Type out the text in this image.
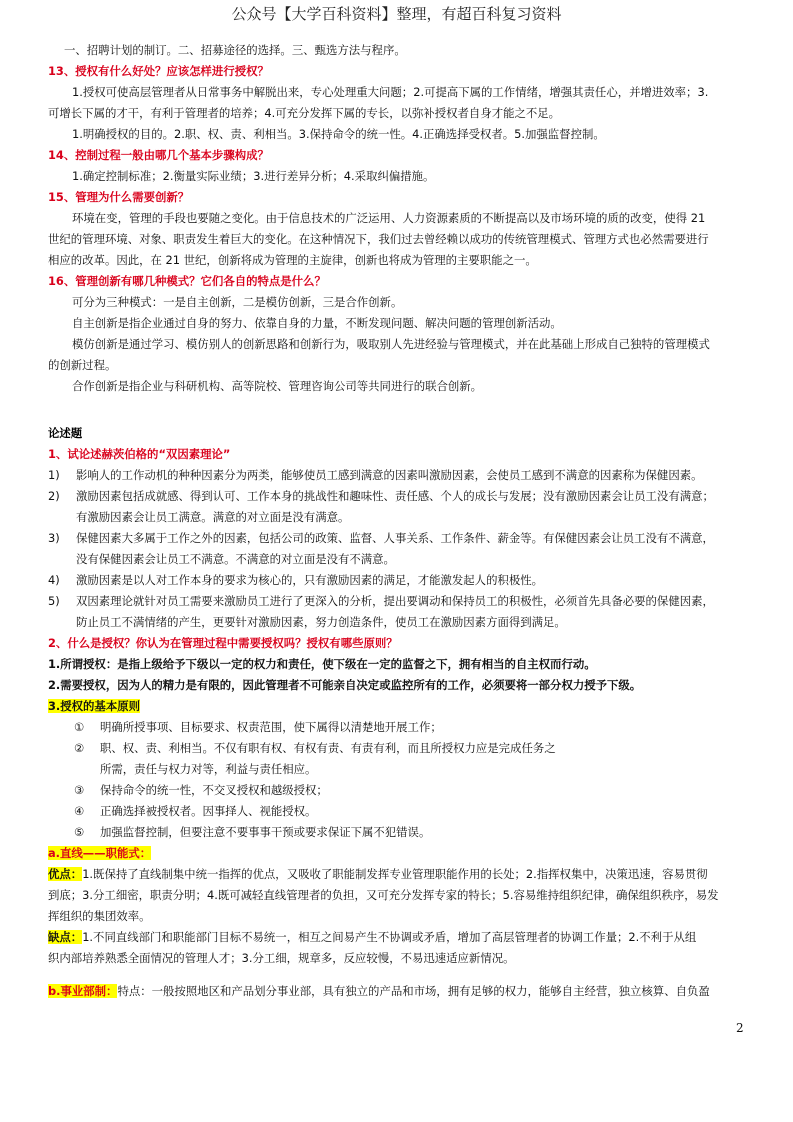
公众号【大学百科资料】整理，有超百科复习资料

一、招聘计划的制订。二、招募途径的选择。三、甄选方法与程序。

13、授权有什么好处？应该怎样进行授权？

1.授权可使高层管理者从日常事务中解脱出来，专心处理重大问题；2.可提高下属的工作情绪，增强其责任心，并增进效率；3.

可增长下属的才干，有利于管理者的培养；4.可充分发挥下属的专长，以弥补授权者自身才能之不足。

1.明确授权的目的。2.职、权、责、利相当。3.保持命令的统一性。4.正确选择受权者。5.加强监督控制。

14、控制过程一般由哪几个基本步骤构成？

1.确定控制标准；2.衡量实际业绩；3.进行差异分析；4.采取纠偏措施。

15、管理为什么需要创新？

环境在变，管理的手段也要随之变化。由于信息技术的广泛运用、人力资源素质的不断提高以及市场环境的质的改变，使得 21

世纪的管理环境、对象、职责发生着巨大的变化。在这种情况下，我们过去曾经赖以成功的传统管理模式、管理方式也必然需要进行

相应的改革。因此，在 21 世纪，创新将成为管理的主旋律，创新也将成为管理的主要职能之一。

16、管理创新有哪几种模式？它们各自的特点是什么？

可分为三种模式：一是自主创新，二是模仿创新，三是合作创新。

自主创新是指企业通过自身的努力、依靠自身的力量，不断发现问题、解决问题的管理创新活动。

模仿创新是通过学习、模仿别人的创新思路和创新行为，吸取别人先进经验与管理模式，并在此基础上形成自己独特的管理模式

的创新过程。

合作创新是指企业与科研机构、高等院校、管理咨询公司等共同进行的联合创新。

论述题

1、试论述赫茨伯格的“双因素理论”

1) 影响人的工作动机的种种因素分为两类，能够使员工感到满意的因素叫激励因素，会使员工感到不满意的因素称为保健因素。

2) 激励因素包括成就感、得到认可、工作本身的挑战性和趣味性、责任感、个人的成长与发展；没有激励因素会让员工没有满意；

有激励因素会让员工满意。满意的对立面是没有满意。

3) 保健因素大多属于工作之外的因素，包括公司的政策、监督、人事关系、工作条件、薪金等。有保健因素会让员工没有不满意，

没有保健因素会让员工不满意。不满意的对立面是没有不满意。

4) 激励因素是以人对工作本身的要求为核心的，只有激励因素的满足，才能激发起人的积极性。

5) 双因素理论就针对员工需要来激励员工进行了更深入的分析，提出要调动和保持员工的积极性，必须首先具备必要的保健因素，

防止员工不满情绪的产生，更要针对激励因素，努力创造条件，使员工在激励因素方面得到满足。

2、什么是授权？你认为在管理过程中需要授权吗？授权有哪些原则？

1.所谓授权：是指上级给予下级以一定的权力和责任，使下级在一定的监督之下，拥有相当的自主权而行动。

2.需要授权，因为人的精力是有限的，因此管理者不可能亲自决定或监控所有的工作，必须要将一部分权力授予下级。

3.授权的基本原则

① 明确所授事项、目标要求、权责范围，使下属得以清楚地开展工作；

② 职、权、责、利相当。不仅有职有权、有权有责、有责有利，而且所授权力应是完成任务之

所需，责任与权力对等，利益与责任相应。

③ 保持命令的统一性，不交叉授权和越级授权；

④ 正确选择被授权者。因事择人、视能授权。

⑤ 加强监督控制，但要注意不要事事干预或要求保证下属不犯错误。

a.直线——职能式：

优点：1.既保持了直线制集中统一指挥的优点，又吸收了职能制发挥专业管理职能作用的长处；2.指挥权集中，决策迅速，容易贯彻

到底；3.分工细密，职责分明；4.既可减轻直线管理者的负担，又可充分发挥专家的特长；5.容易维持组织纪律，确保组织秩序，易发

挥组织的集团效率。

缺点：1.不同直线部门和职能部门目标不易统一，相互之间易产生不协调或矛盾，增加了高层管理者的协调工作量；2.不利于从组

织内部培养熟悉全面情况的管理人才；3.分工细，规章多，反应较慢，不易迅速适应新情况。

b.事业部制：特点：一般按照地区和产品划分事业部，具有独立的产品和市场，拥有足够的权力，能够自主经营，独立核算、自负盈

2
